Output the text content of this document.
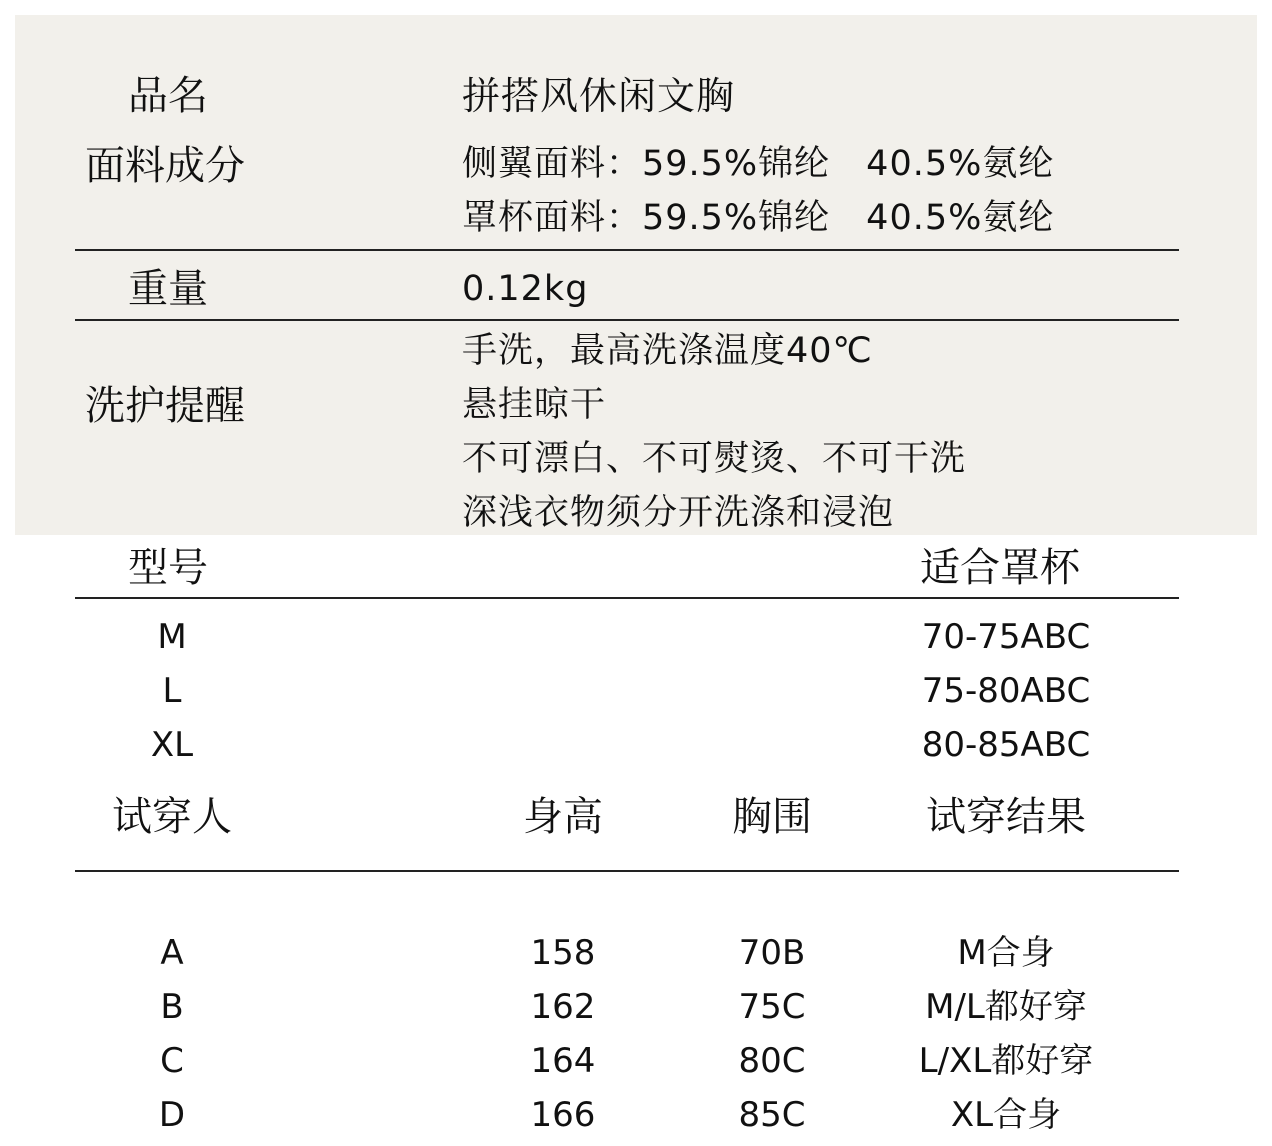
品名	拼搭风休闲文胸
面料成分	侧翼面料：59.5%锦纶　40.5%氨纶
罩杯面料：59.5%锦纶　40.5%氨纶
重量	0.12kg
洗护提醒
手洗，最高洗涤温度40℃
悬挂晾干
不可漂白、不可熨烫、不可干洗
深浅衣物须分开洗涤和浸泡
型号	适合罩杯
M	70-75ABC
L	75-80ABC
XL	80-85ABC
试穿人	身高	胸围	试穿结果
A	158	70B	M合身
B	162	75C	M/L都好穿
C	164	80C	L/XL都好穿
D	166	85C	XL合身
